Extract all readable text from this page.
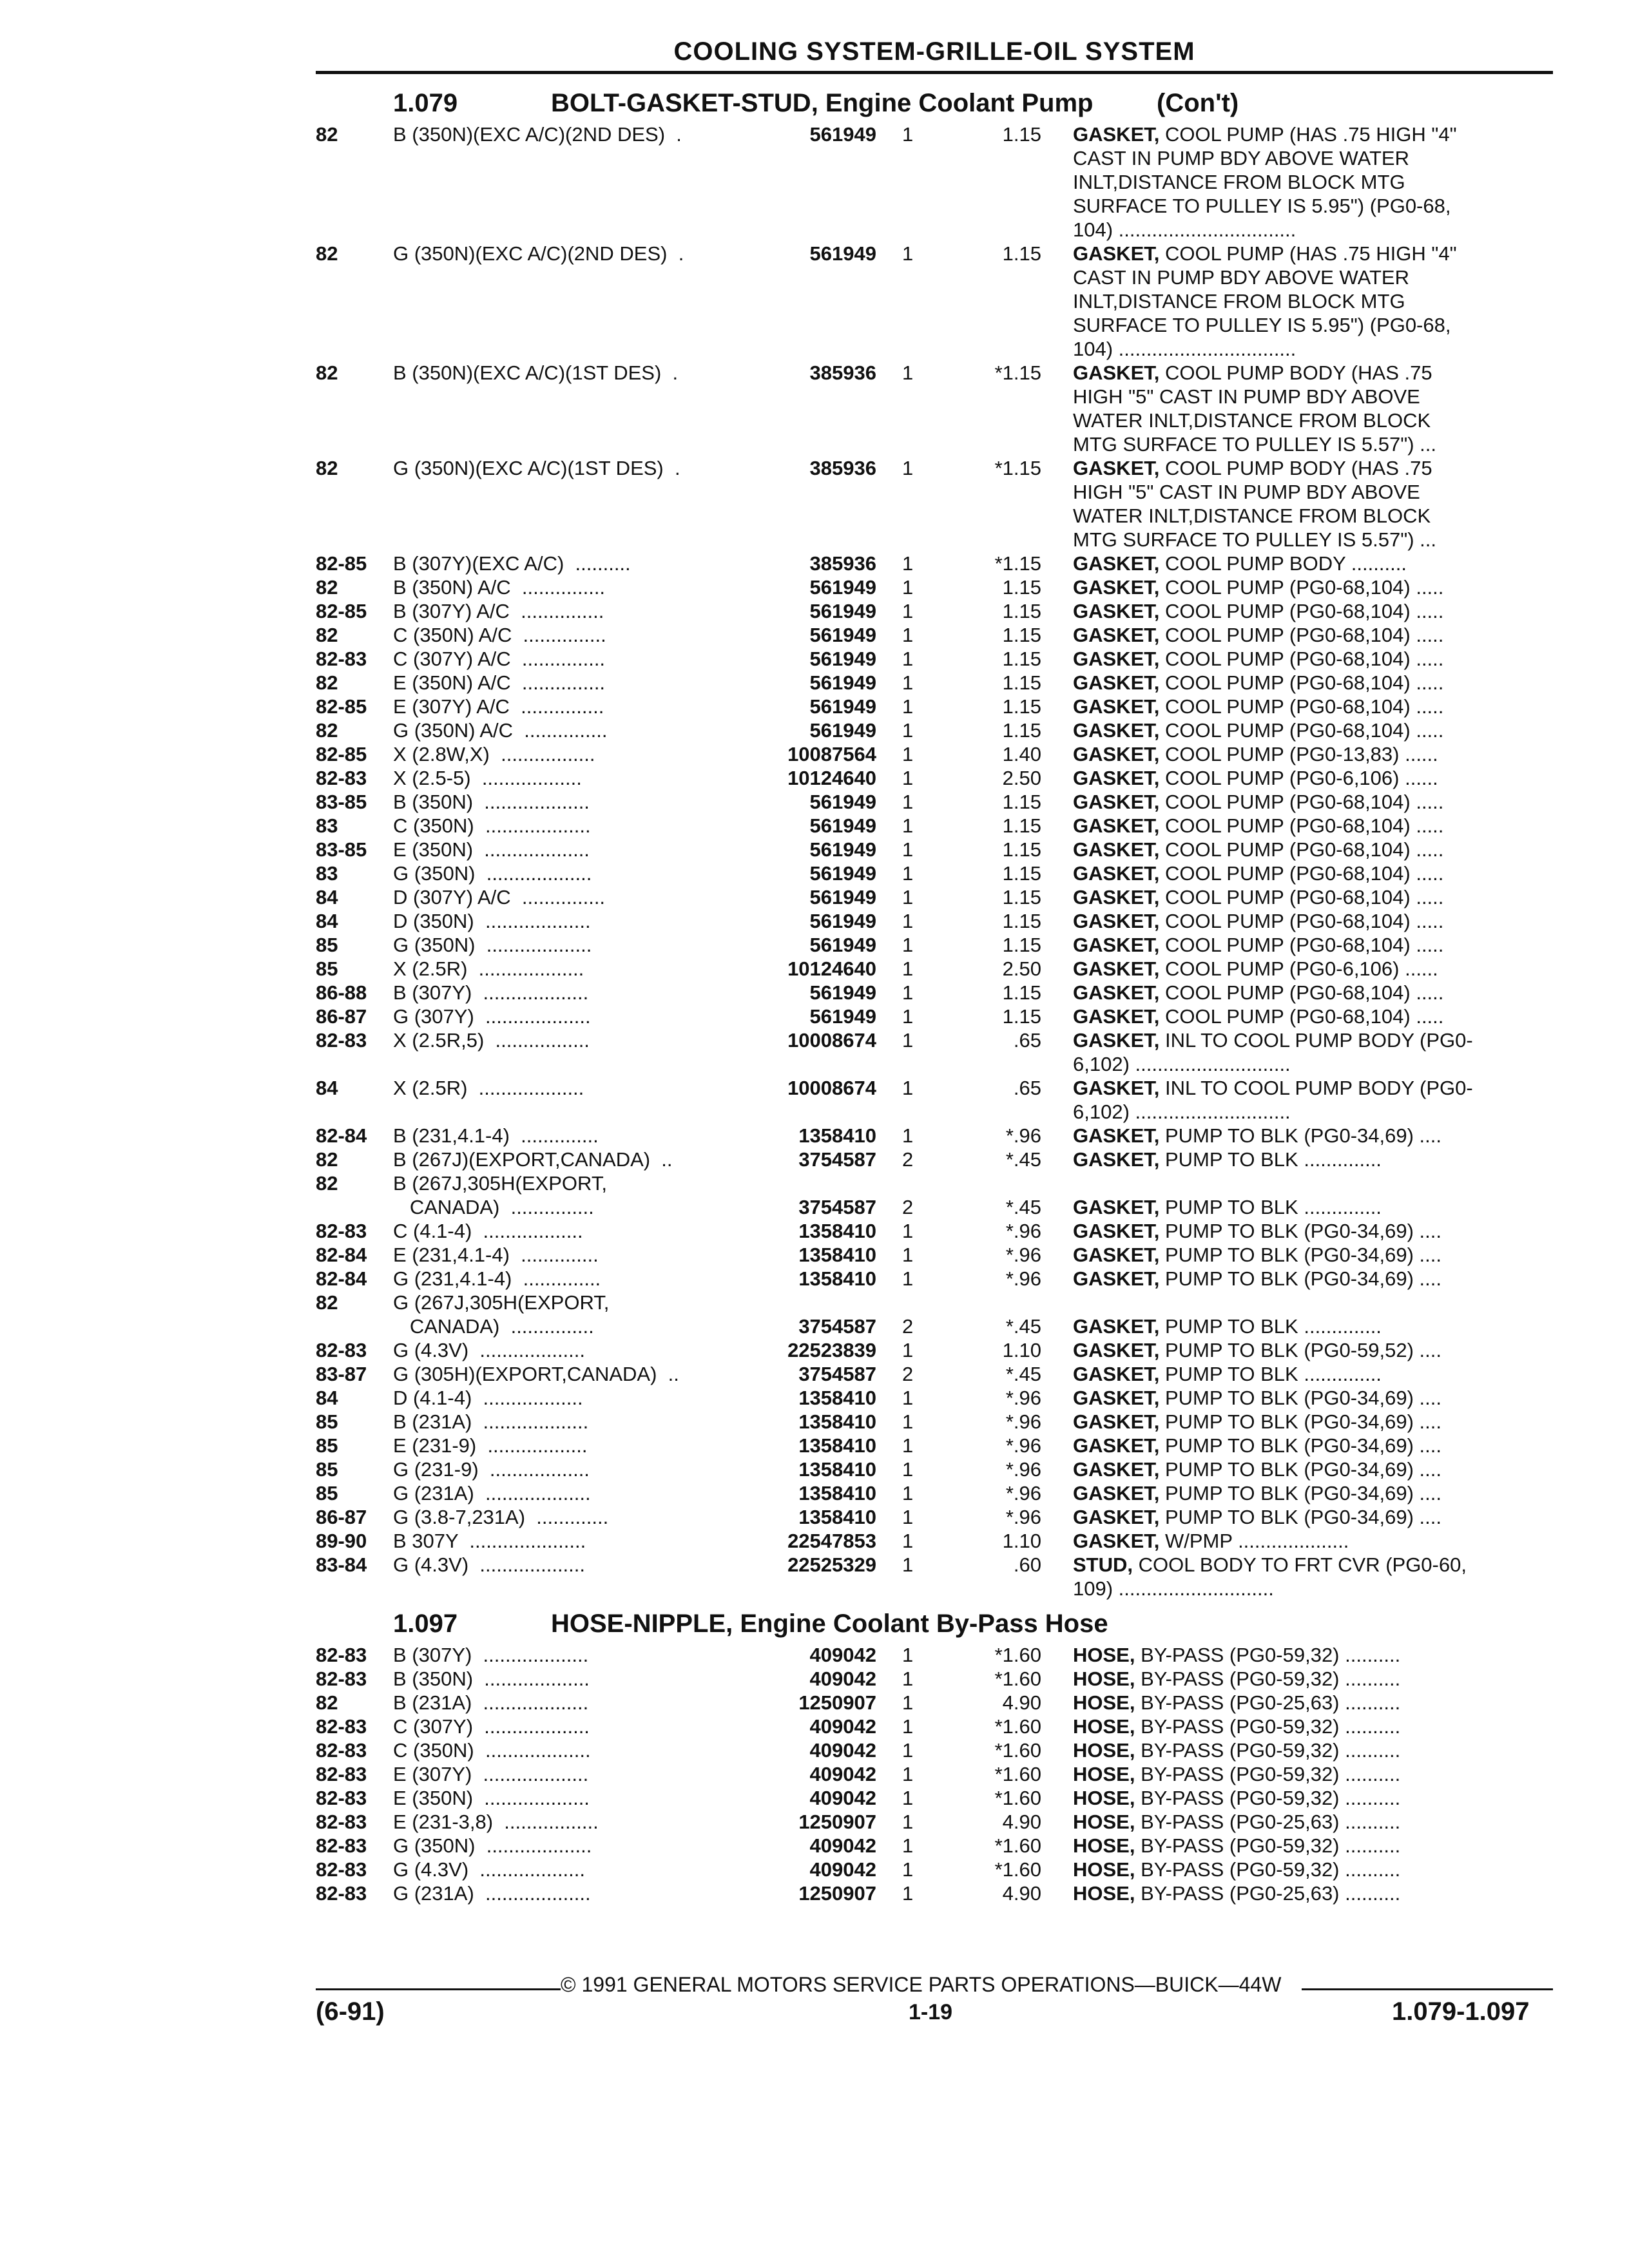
COOLING SYSTEM-GRILLE-OIL SYSTEM
1.079	BOLT-GASKET-STUD, Engine Coolant Pump (Con't)
82	B (350N)(EXC A/C)(2ND DES)  .	561949 1	1.15 GASKET, COOL PUMP (HAS .75 HIGH "4"
CAST IN PUMP BDY ABOVE WATER
INLT,DISTANCE FROM BLOCK MTG
SURFACE TO PULLEY IS 5.95") (PG0-68,
104) ................................
82	G (350N)(EXC A/C)(2ND DES)  .	561949 1	1.15 GASKET, COOL PUMP (HAS .75 HIGH "4"
CAST IN PUMP BDY ABOVE WATER
INLT,DISTANCE FROM BLOCK MTG
SURFACE TO PULLEY IS 5.95") (PG0-68,
104) ................................
82	B (350N)(EXC A/C)(1ST DES)  .	385936 1	*1.15 GASKET, COOL PUMP BODY (HAS .75
HIGH "5" CAST IN PUMP BDY ABOVE
WATER INLT,DISTANCE FROM BLOCK
MTG SURFACE TO PULLEY IS 5.57") ...
82	G (350N)(EXC A/C)(1ST DES)  .	385936 1	*1.15 GASKET, COOL PUMP BODY (HAS .75
HIGH "5" CAST IN PUMP BDY ABOVE
WATER INLT,DISTANCE FROM BLOCK
MTG SURFACE TO PULLEY IS 5.57") ...
82-85 B (307Y)(EXC A/C)  ..........	385936 1	*1.15 GASKET, COOL PUMP BODY ..........
82	B (350N) A/C  ...............	561949 1	1.15 GASKET, COOL PUMP (PG0-68,104) .....
82-85 B (307Y) A/C  ...............	561949 1	1.15 GASKET, COOL PUMP (PG0-68,104) .....
82	C (350N) A/C  ...............	561949 1	1.15 GASKET, COOL PUMP (PG0-68,104) .....
82-83 C (307Y) A/C  ...............	561949 1	1.15 GASKET, COOL PUMP (PG0-68,104) .....
82	E (350N) A/C  ...............	561949 1	1.15 GASKET, COOL PUMP (PG0-68,104) .....
82-85 E (307Y) A/C  ...............	561949 1	1.15 GASKET, COOL PUMP (PG0-68,104) .....
82	G (350N) A/C  ...............	561949 1	1.15 GASKET, COOL PUMP (PG0-68,104) .....
82-85 X (2.8W,X)  .................	10087564 1	1.40 GASKET, COOL PUMP (PG0-13,83) ......
82-83 X (2.5-5)  ..................	10124640 1	2.50 GASKET, COOL PUMP (PG0-6,106) ......
83-85 B (350N)  ...................	561949 1	1.15 GASKET, COOL PUMP (PG0-68,104) .....
83	C (350N)  ...................	561949 1	1.15 GASKET, COOL PUMP (PG0-68,104) .....
83-85 E (350N)  ...................	561949 1	1.15 GASKET, COOL PUMP (PG0-68,104) .....
83	G (350N)  ...................	561949 1	1.15 GASKET, COOL PUMP (PG0-68,104) .....
84	D (307Y) A/C  ...............	561949 1	1.15 GASKET, COOL PUMP (PG0-68,104) .....
84	D (350N)  ...................	561949 1	1.15 GASKET, COOL PUMP (PG0-68,104) .....
85	G (350N)  ...................	561949 1	1.15 GASKET, COOL PUMP (PG0-68,104) .....
85	X (2.5R)  ...................	10124640 1	2.50 GASKET, COOL PUMP (PG0-6,106) ......
86-88 B (307Y)  ...................	561949 1	1.15 GASKET, COOL PUMP (PG0-68,104) .....
86-87 G (307Y)  ...................	561949 1	1.15 GASKET, COOL PUMP (PG0-68,104) .....
82-83 X (2.5R,5)  .................	10008674 1	.65 GASKET, INL TO COOL PUMP BODY (PG0-
6,102) ............................
84	X (2.5R)  ...................	10008674 1	.65 GASKET, INL TO COOL PUMP BODY (PG0-
6,102) ............................
82-84 B (231,4.1-4)  ..............	1358410 1	*.96 GASKET, PUMP TO BLK (PG0-34,69) ....
82	B (267J)(EXPORT,CANADA)  ..	3754587 2	*.45 GASKET, PUMP TO BLK ..............
82	B (267J,305H(EXPORT,
CANADA)  ...............	3754587 2	*.45 GASKET, PUMP TO BLK ..............
82-83 C (4.1-4)  ..................	1358410 1	*.96 GASKET, PUMP TO BLK (PG0-34,69) ....
82-84 E (231,4.1-4)  ..............	1358410 1	*.96 GASKET, PUMP TO BLK (PG0-34,69) ....
82-84 G (231,4.1-4)  ..............	1358410 1	*.96 GASKET, PUMP TO BLK (PG0-34,69) ....
82	G (267J,305H(EXPORT,
CANADA)  ...............	3754587 2	*.45 GASKET, PUMP TO BLK ..............
82-83 G (4.3V)  ...................	22523839 1	1.10 GASKET, PUMP TO BLK (PG0-59,52) ....
83-87 G (305H)(EXPORT,CANADA)  ..	3754587 2	*.45 GASKET, PUMP TO BLK ..............
84	D (4.1-4)  ..................	1358410 1	*.96 GASKET, PUMP TO BLK (PG0-34,69) ....
85	B (231A)  ...................	1358410 1	*.96 GASKET, PUMP TO BLK (PG0-34,69) ....
85	E (231-9)  ..................	1358410 1	*.96 GASKET, PUMP TO BLK (PG0-34,69) ....
85	G (231-9)  ..................	1358410 1	*.96 GASKET, PUMP TO BLK (PG0-34,69) ....
85	G (231A)  ...................	1358410 1	*.96 GASKET, PUMP TO BLK (PG0-34,69) ....
86-87 G (3.8-7,231A)  .............	1358410 1	*.96 GASKET, PUMP TO BLK (PG0-34,69) ....
89-90 B 307Y  .....................	22547853 1	1.10 GASKET, W/PMP ....................
83-84 G (4.3V)  ...................	22525329 1	.60 STUD, COOL BODY TO FRT CVR (PG0-60,
109) ............................
1.097	HOSE-NIPPLE, Engine Coolant By-Pass Hose
82-83 B (307Y)  ...................	409042 1	*1.60 HOSE, BY-PASS (PG0-59,32) ..........
82-83 B (350N)  ...................	409042 1	*1.60 HOSE, BY-PASS (PG0-59,32) ..........
82	B (231A)  ...................	1250907 1	4.90 HOSE, BY-PASS (PG0-25,63) ..........
82-83 C (307Y)  ...................	409042 1	*1.60 HOSE, BY-PASS (PG0-59,32) ..........
82-83 C (350N)  ...................	409042 1	*1.60 HOSE, BY-PASS (PG0-59,32) ..........
82-83 E (307Y)  ...................	409042 1	*1.60 HOSE, BY-PASS (PG0-59,32) ..........
82-83 E (350N)  ...................	409042 1	*1.60 HOSE, BY-PASS (PG0-59,32) ..........
82-83 E (231-3,8)  .................	1250907 1	4.90 HOSE, BY-PASS (PG0-25,63) ..........
82-83 G (350N)  ...................	409042 1	*1.60 HOSE, BY-PASS (PG0-59,32) ..........
82-83 G (4.3V)  ...................	409042 1	*1.60 HOSE, BY-PASS (PG0-59,32) ..........
82-83 G (231A)  ...................	1250907 1	4.90 HOSE, BY-PASS (PG0-25,63) ..........
© 1991 GENERAL MOTORS SERVICE PARTS OPERATIONS—BUICK—44W
(6-91)	1-19	1.079-1.097
